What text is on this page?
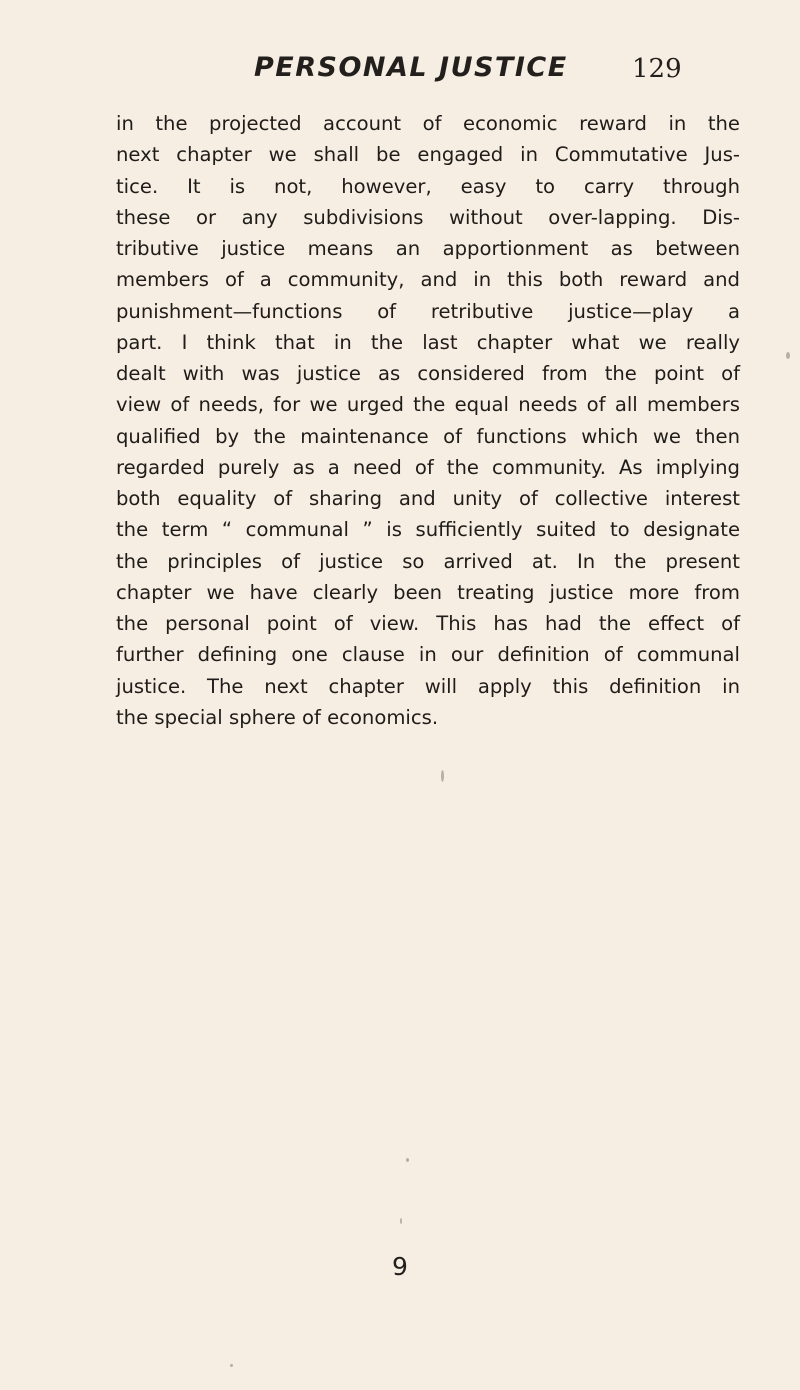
PERSONAL JUSTICE 129
in the projected account of economic reward in the
next chapter we shall be engaged in Commutative Jus-
tice. It is not, however, easy to carry through
these or any subdivisions without over-lapping. Dis-
tributive justice means an apportionment as between
members of a community, and in this both reward and
punishment—functions of retributive justice—play a
part. I think that in the last chapter what we really
dealt with was justice as considered from the point of
view of needs, for we urged the equal needs of all members
qualified by the maintenance of functions which we then
regarded purely as a need of the community. As implying
both equality of sharing and unity of collective interest
the term “ communal ” is sufficiently suited to designate
the principles of justice so arrived at. In the present
chapter we have clearly been treating justice more from
the personal point of view. This has had the effect of
further defining one clause in our definition of communal
justice. The next chapter will apply this definition in
the special sphere of economics.
9
